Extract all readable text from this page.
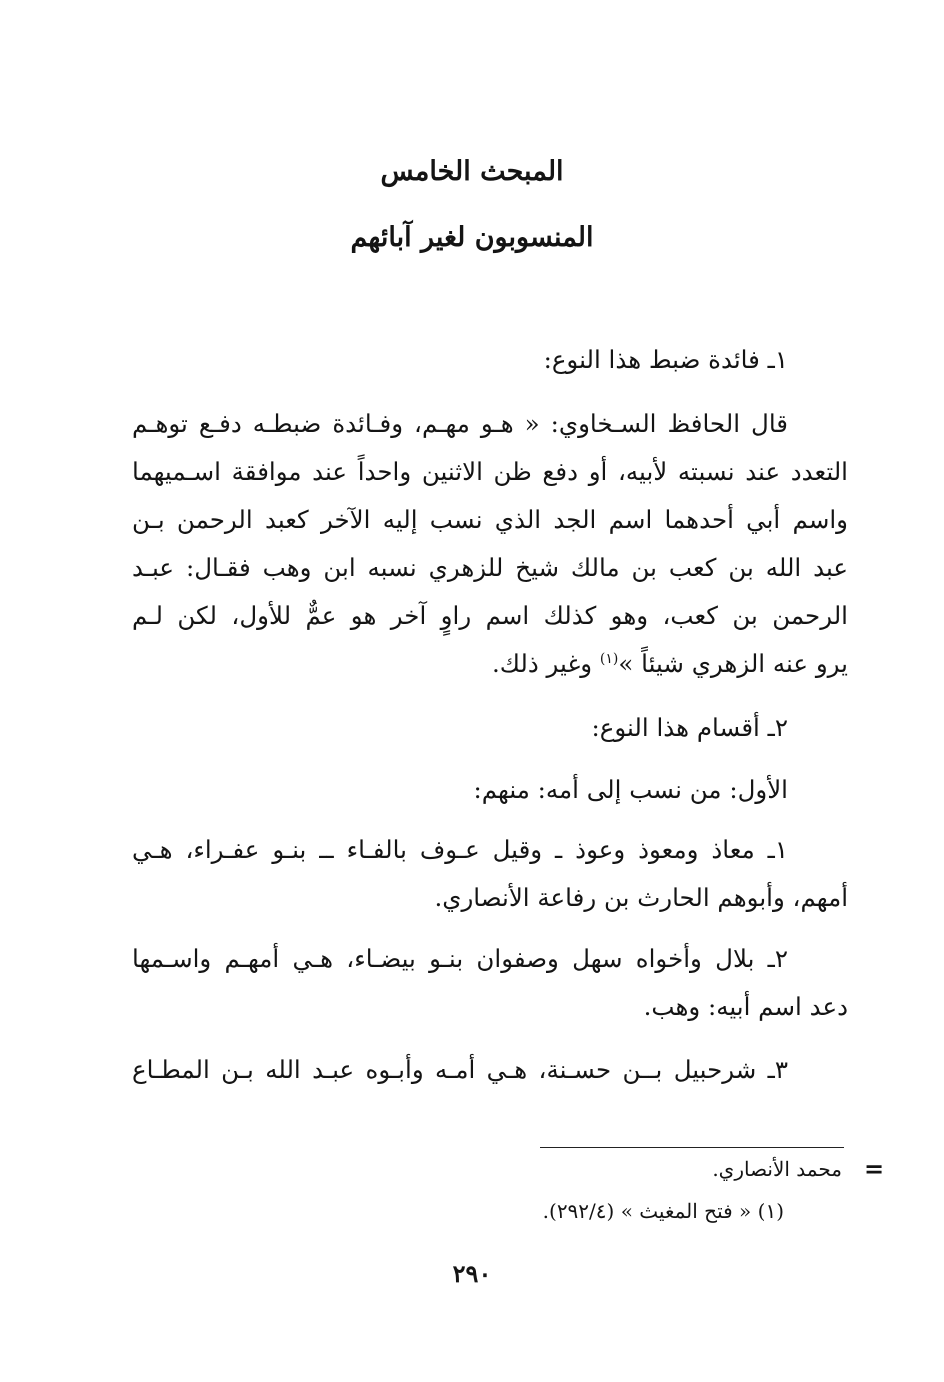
المبحث الخامس
المنسوبون لغير آبائهم
١ـ فائدة ضبط هذا النوع:
قال الحافظ السـخاوي: « هـو مهـم، وفـائدة ضبطـه دفـع توهـم
التعدد عند نسبته لأبيه، أو دفع ظن الاثنين واحداً عند موافقة اسـميهما
واسم أبي أحدهما اسم الجد الذي نسب إليه الآخر كعبد الرحمن بـن
عبد الله بن كعب بن مالك شيخ للزهري نسبه ابن وهب فقـال: عبـد
الرحمن بن كعب، وهو كذلك اسم راوٍ آخر هو عمٌّ للأول، لكن لـم
يرو عنه الزهري شيئاً »$^{(١)}$ وغير ذلك.
٢ـ أقسام هذا النوع:
الأول: من نسب إلى أمه: منهم:
١ـ معاذ ومعوذ وعوذ ـ وقيل عـوف بالفـاء ــ بنـو عفـراء، هـي
أمهم، وأبوهم الحارث بن رفاعة الأنصاري.
٢ـ بلال وأخواه سهل وصفوان بنـو بيضـاء، هـي أمهـم واسـمها
دعد اسم أبيه: وهب.
٣ـ شرحبيل بــن حسـنة، هـي أمـه وأبـوه عبـد الله بـن المطـاع
=
محمد الأنصاري.
(١) « فتح المغيث » (٢٩٢/٤).
٢٩٠
